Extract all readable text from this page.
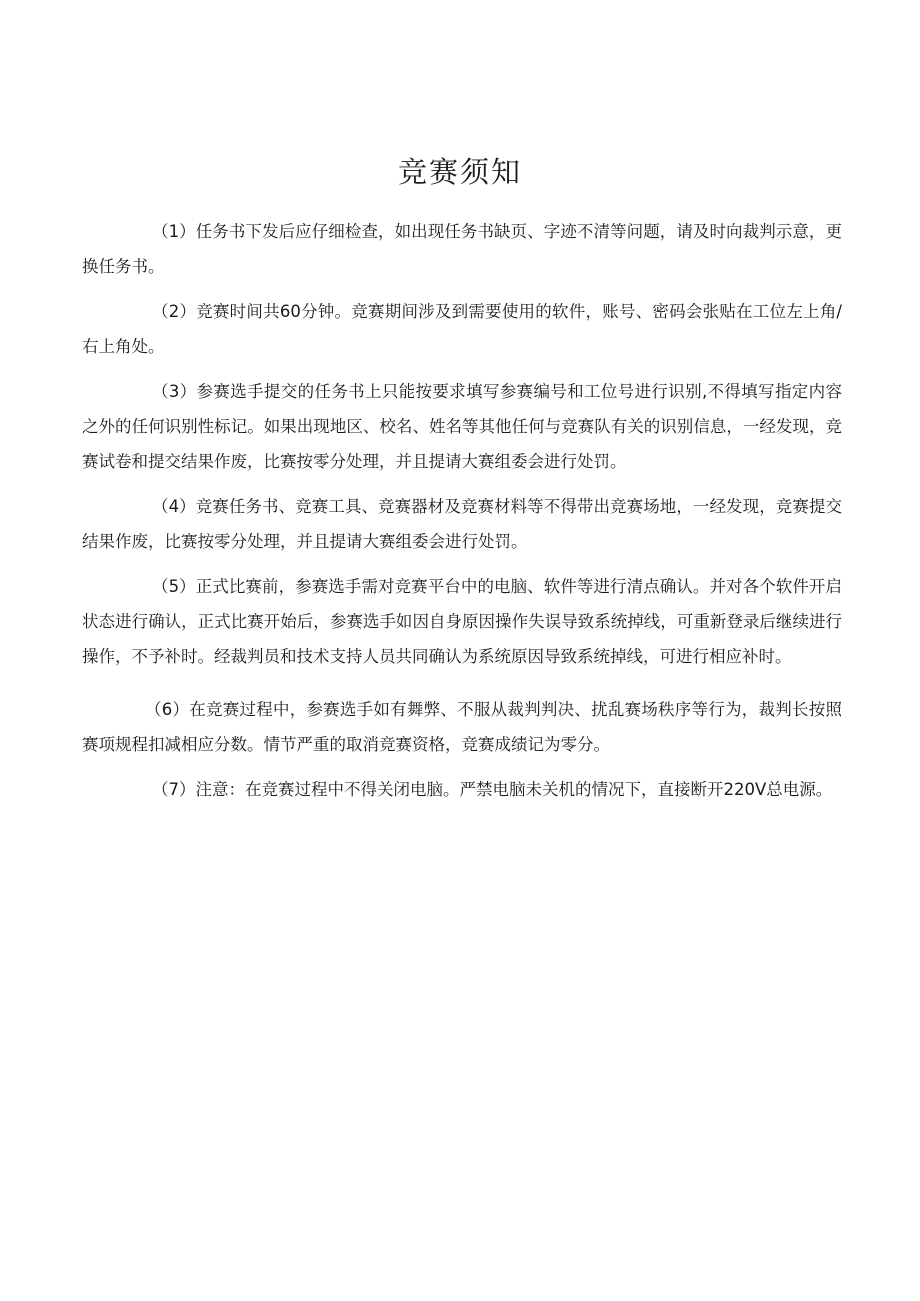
竞赛须知

（1）任务书下发后应仔细检查，如出现任务书缺页、字迹不清等问题，请及时向裁判示意，更换任务书。

（2）竞赛时间共60分钟。竞赛期间涉及到需要使用的软件，账号、密码会张贴在工位左上角/右上角处。

（3）参赛选手提交的任务书上只能按要求填写参赛编号和工位号进行识别,不得填写指定内容之外的任何识别性标记。如果出现地区、校名、姓名等其他任何与竞赛队有关的识别信息，一经发现，竞赛试卷和提交结果作废，比赛按零分处理，并且提请大赛组委会进行处罚。

（4）竞赛任务书、竞赛工具、竞赛器材及竞赛材料等不得带出竞赛场地，一经发现，竞赛提交结果作废，比赛按零分处理，并且提请大赛组委会进行处罚。

（5）正式比赛前，参赛选手需对竞赛平台中的电脑、软件等进行清点确认。并对各个软件开启状态进行确认，正式比赛开始后，参赛选手如因自身原因操作失误导致系统掉线，可重新登录后继续进行操作，不予补时。经裁判员和技术支持人员共同确认为系统原因导致系统掉线，可进行相应补时。

（6）在竞赛过程中，参赛选手如有舞弊、不服从裁判判决、扰乱赛场秩序等行为，裁判长按照赛项规程扣减相应分数。情节严重的取消竞赛资格，竞赛成绩记为零分。

（7）注意：在竞赛过程中不得关闭电脑。严禁电脑未关机的情况下，直接断开220V总电源。
